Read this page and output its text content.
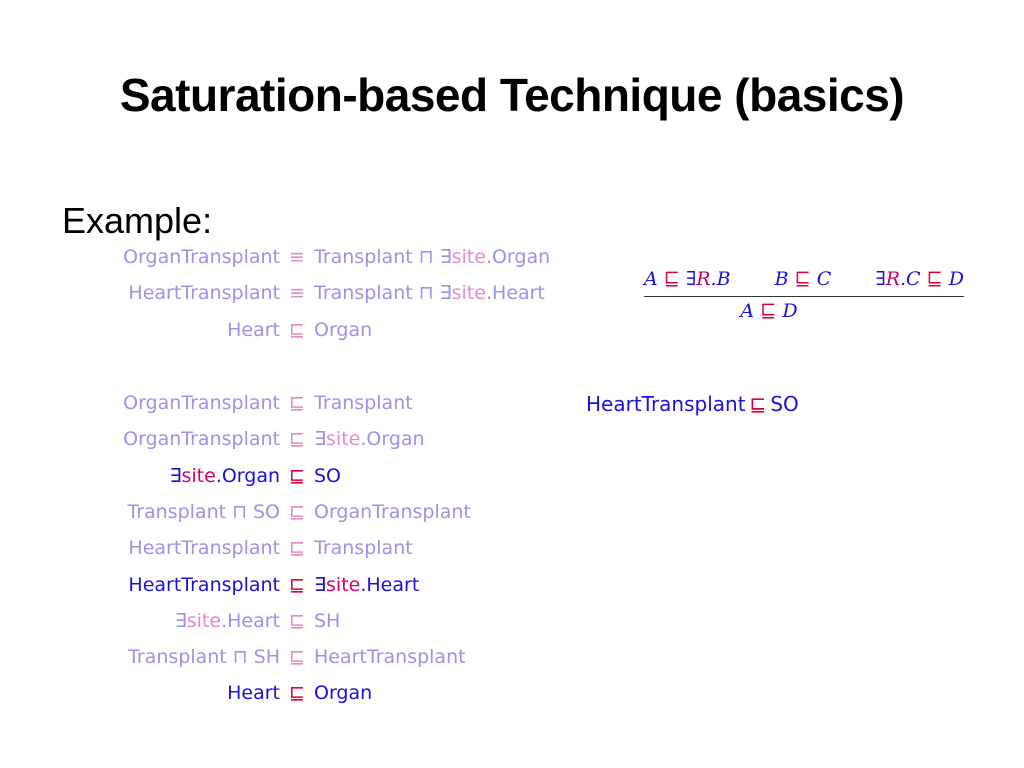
Saturation-based Technique (basics)
Example:
OrganTransplant ≡ Transplant ⊓ ∃site.Organ
HeartTransplant ≡ Transplant ⊓ ∃site.Heart
Heart ⊑ Organ
OrganTransplant ⊑ Transplant
OrganTransplant ⊑ ∃site.Organ
∃site.Organ ⊑ SO
Transplant ⊓ SO ⊑ OrganTransplant
HeartTransplant ⊑ Transplant
HeartTransplant ⊑ ∃site.Heart
∃site.Heart ⊑ SH
Transplant ⊓ SH ⊑ HeartTransplant
Heart ⊑ Organ
A ⊑ ∃R.B B ⊑ C ∃R.C ⊑ D
A ⊑ D
HeartTransplant ⊑ SO
